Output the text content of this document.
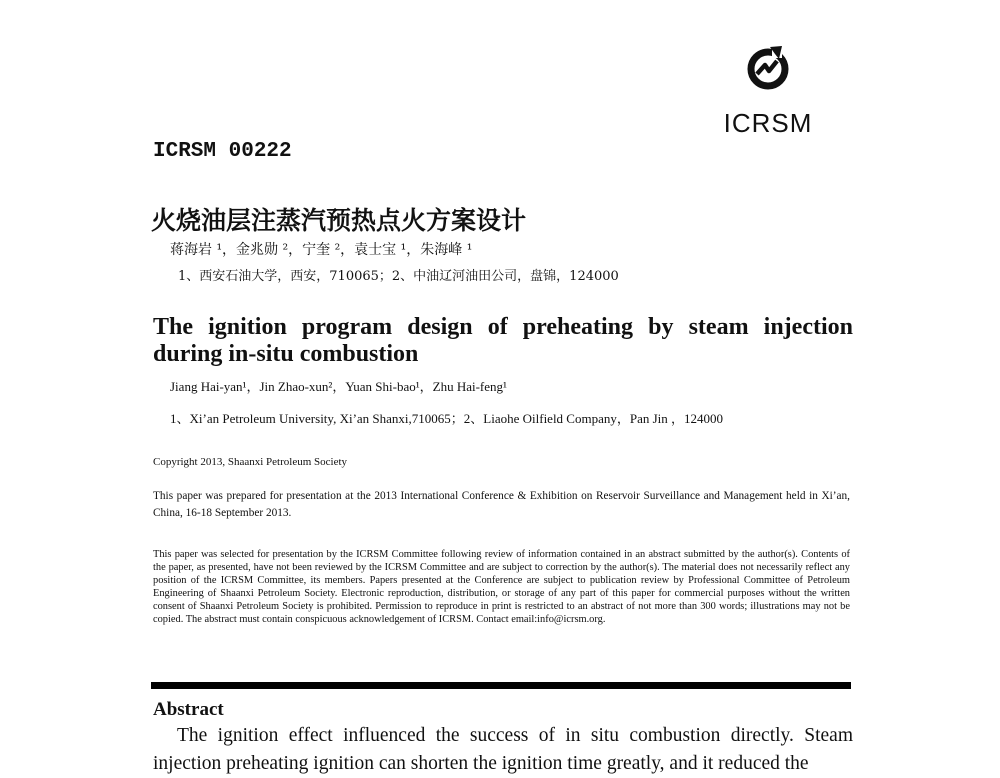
ICRSM
ICRSM 00222
火烧油层注蒸汽预热点火方案设计
蒋海岩 ¹，金兆勋 ²，宁奎 ²，袁士宝 ¹，朱海峰 ¹
1、西安石油大学，西安，710065；2、中油辽河油田公司，盘锦，124000
The ignition program design of preheating by steam injection during in-situ combustion
Jiang Hai-yan¹，Jin Zhao-xun²，Yuan Shi-bao¹，Zhu Hai-feng¹
1、Xi’an Petroleum University, Xi’an Shanxi,710065；2、Liaohe Oilfield Company，Pan Jin ，124000
Copyright 2013, Shaanxi Petroleum Society
This paper was prepared for presentation at the 2013 International Conference & Exhibition on Reservoir Surveillance and Management held in Xi’an, China, 16-18 September 2013.
This paper was selected for presentation by the ICRSM Committee following review of information contained in an abstract submitted by the author(s). Contents of the paper, as presented, have not been reviewed by the ICRSM Committee and are subject to correction by the author(s). The material does not necessarily reflect any position of the ICRSM Committee, its members. Papers presented at the Conference are subject to publication review by Professional Committee of Petroleum Engineering of Shaanxi Petroleum Society. Electronic reproduction, distribution, or storage of any part of this paper for commercial purposes without the written consent of Shaanxi Petroleum Society is prohibited. Permission to reproduce in print is restricted to an abstract of not more than 300 words; illustrations may not be copied. The abstract must contain conspicuous acknowledgement of ICRSM. Contact email:info@icrsm.org.
Abstract
The ignition effect influenced the success of in situ combustion directly. Steam injection preheating ignition can shorten the ignition time greatly, and it reduced the
